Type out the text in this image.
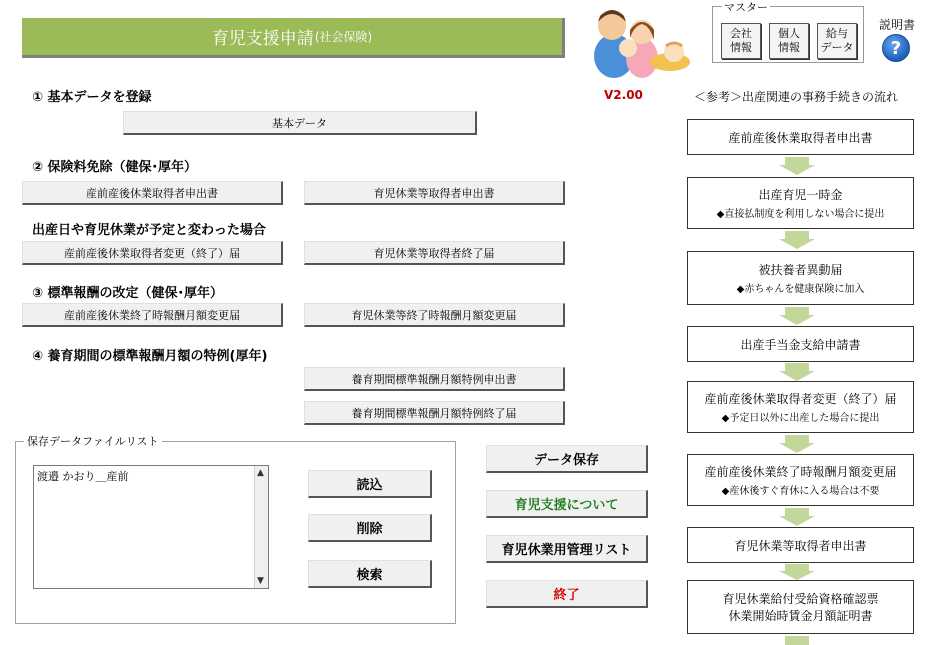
育児支援申請 (社会保険)	会社
情報
個人
情報
給与
データ
マスター
説明書
?
① 基本データを登録	V2.00
基本データ
② 保険料免除（健保･厚年）
産前産後休業取得者申出書	育児休業等取得者申出書
出産日や育児休業が予定と変わった場合
産前産後休業取得者変更（終了）届	育児休業等取得者終了届
③ 標準報酬の改定（健保･厚年）
産前産後休業終了時報酬月額変更届	育児休業等終了時報酬月額変更届
④ 養育期間の標準報酬月額の特例(厚年)
養育期間標準報酬月額特例申出書
養育期間標準報酬月額特例終了届
保存データファイルリスト
渡邉 かおり＿産前	▲
▼
読込
削除
検索
データ保存
育児支援について
育児休業用管理リスト
終了
＜参考＞出産関連の事務手続きの流れ
産前産後休業取得者申出書
出産育児一時金
◆直接払制度を利用しない場合に提出
被扶養者異動届
◆赤ちゃんを健康保険に加入
出産手当金支給申請書
産前産後休業取得者変更（終了）届
◆予定日以外に出産した場合に提出
産前産後休業終了時報酬月額変更届
◆産休後すぐ育休に入る場合は不要
育児休業等取得者申出書
育児休業給付受給資格確認票
休業開始時賃金月額証明書
